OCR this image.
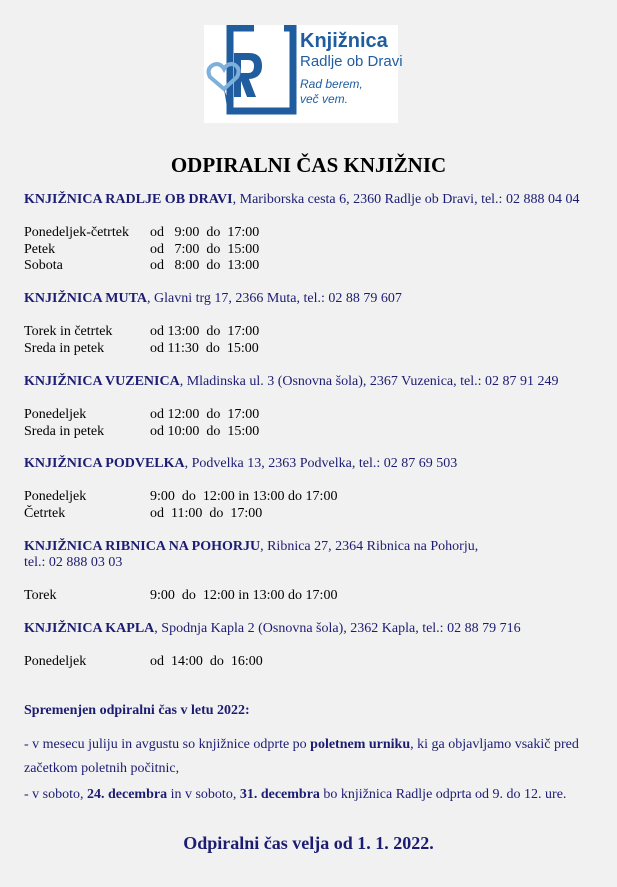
Knjižnica
Radlje ob Dravi
Rad berem,
več vem.
ODPIRALNI ČAS KNJIŽNIC
KNJIŽNICA RADLJE OB DRAVI, Mariborska cesta 6, 2360 Radlje ob Dravi, tel.: 02 888 04 04
Ponedeljek-četrtek od   9:00  do  17:00
Petek	od   7:00  do  15:00
Sobota	od   8:00  do  13:00
KNJIŽNICA MUTA, Glavni trg 17, 2366 Muta, tel.: 02 88 79 607
Torek in četrtek	od 13:00  do  17:00
Sreda in petek	od 11:30  do  15:00
KNJIŽNICA VUZENICA, Mladinska ul. 3 (Osnovna šola), 2367 Vuzenica, tel.: 02 87 91 249
Ponedeljek	od 12:00  do  17:00
Sreda in petek	od 10:00  do  15:00
KNJIŽNICA PODVELKA, Podvelka 13, 2363 Podvelka, tel.: 02 87 69 503
Ponedeljek	9:00  do  12:00 in 13:00 do 17:00
Četrtek	od  11:00  do  17:00
KNJIŽNICA RIBNICA NA POHORJU, Ribnica 27, 2364 Ribnica na Pohorju,
tel.: 02 888 03 03
Torek	9:00  do  12:00 in 13:00 do 17:00
KNJIŽNICA KAPLA, Spodnja Kapla 2 (Osnovna šola), 2362 Kapla, tel.: 02 88 79 716
Ponedeljek	od  14:00  do  16:00
Spremenjen odpiralni čas v letu 2022:
- v mesecu juliju in avgustu so knjižnice odprte po poletnem urniku, ki ga objavljamo vsakič pred
začetkom poletnih počitnic,
- v soboto, 24. decembra in v soboto, 31. decembra bo knjižnica Radlje odprta od 9. do 12. ure.
Odpiralni čas velja od 1. 1. 2022.
